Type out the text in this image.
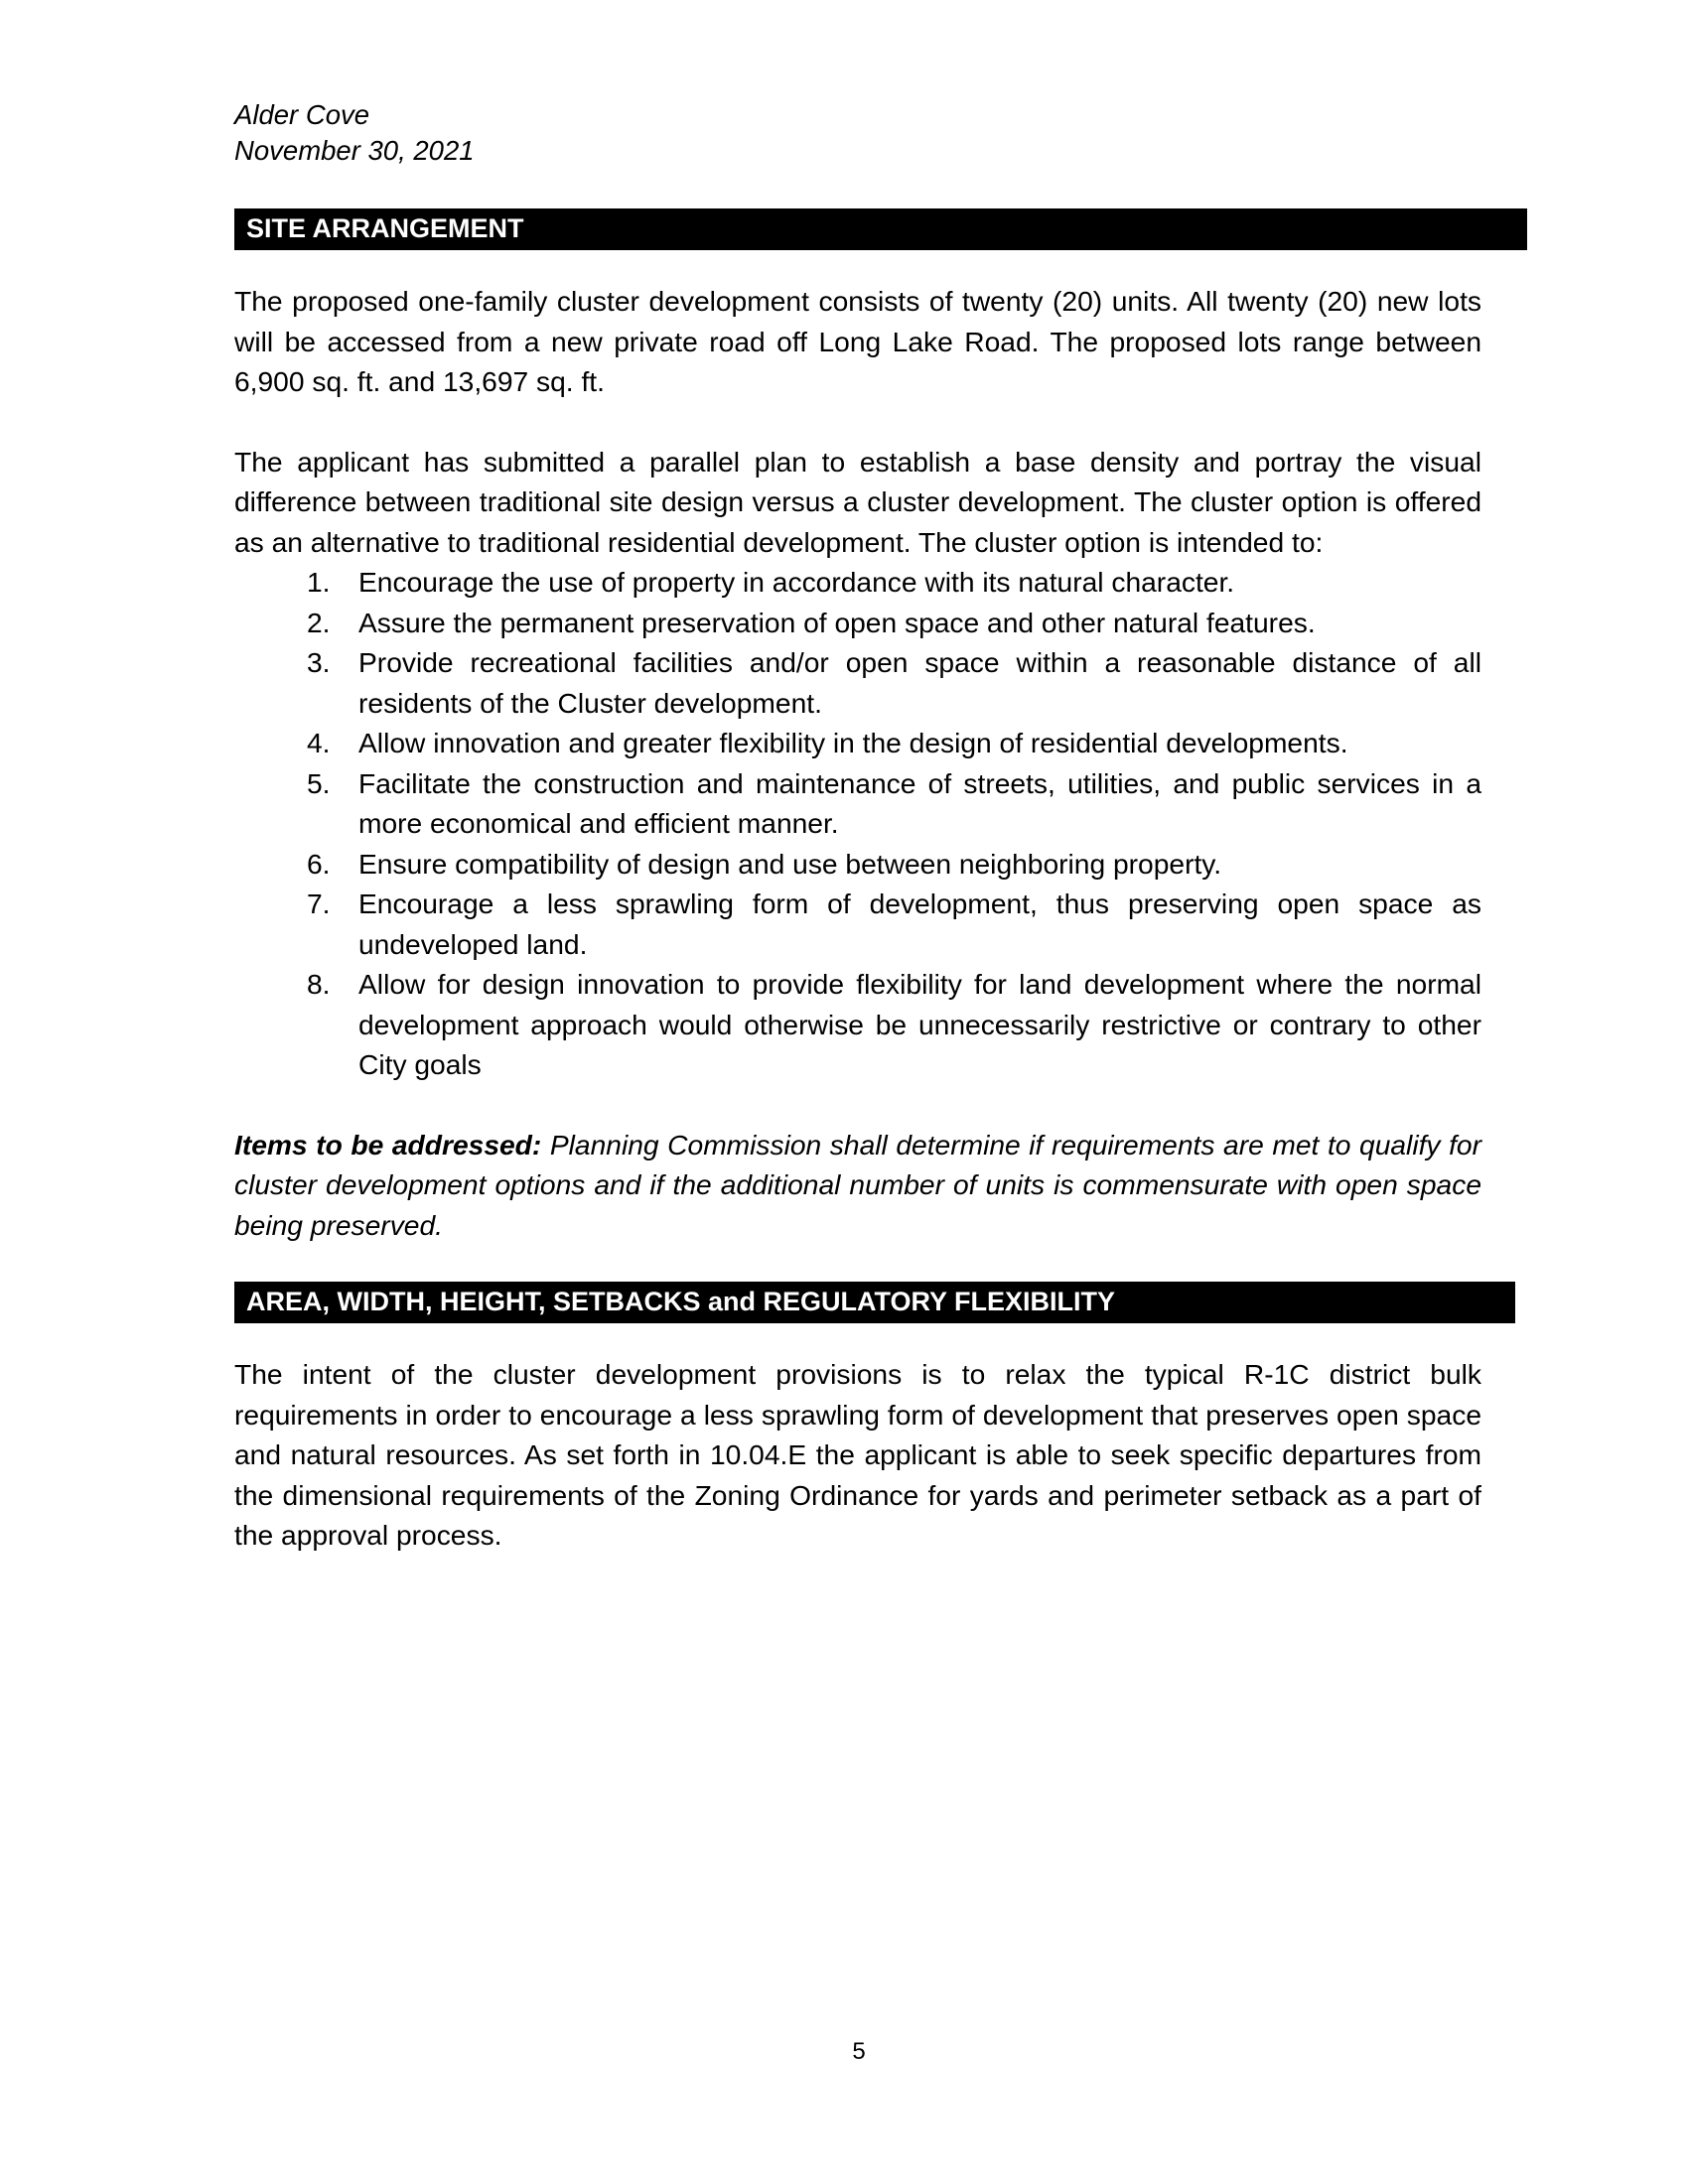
Alder Cove

November 30, 2021

SITE ARRANGEMENT

The proposed one-family cluster development consists of twenty (20) units. All twenty (20) new lots will be accessed from a new private road off Long Lake Road. The proposed lots range between 6,900 sq. ft. and 13,697 sq. ft.

The applicant has submitted a parallel plan to establish a base density and portray the visual difference between traditional site design versus a cluster development. The cluster option is offered as an alternative to traditional residential development. The cluster option is intended to:

1. Encourage the use of property in accordance with its natural character.
2. Assure the permanent preservation of open space and other natural features.
3. Provide recreational facilities and/or open space within a reasonable distance of all residents of the Cluster development.
4. Allow innovation and greater flexibility in the design of residential developments.
5. Facilitate the construction and maintenance of streets, utilities, and public services in a more economical and efficient manner.
6. Ensure compatibility of design and use between neighboring property.
7. Encourage a less sprawling form of development, thus preserving open space as undeveloped land.
8. Allow for design innovation to provide flexibility for land development where the normal development approach would otherwise be unnecessarily restrictive or contrary to other City goals

Items to be addressed: Planning Commission shall determine if requirements are met to qualify for cluster development options and if the additional number of units is commensurate with open space being preserved.

AREA, WIDTH, HEIGHT, SETBACKS and REGULATORY FLEXIBILITY

The intent of the cluster development provisions is to relax the typical R-1C district bulk requirements in order to encourage a less sprawling form of development that preserves open space and natural resources. As set forth in 10.04.E the applicant is able to seek specific departures from the dimensional requirements of the Zoning Ordinance for yards and perimeter setback as a part of the approval process.

5
